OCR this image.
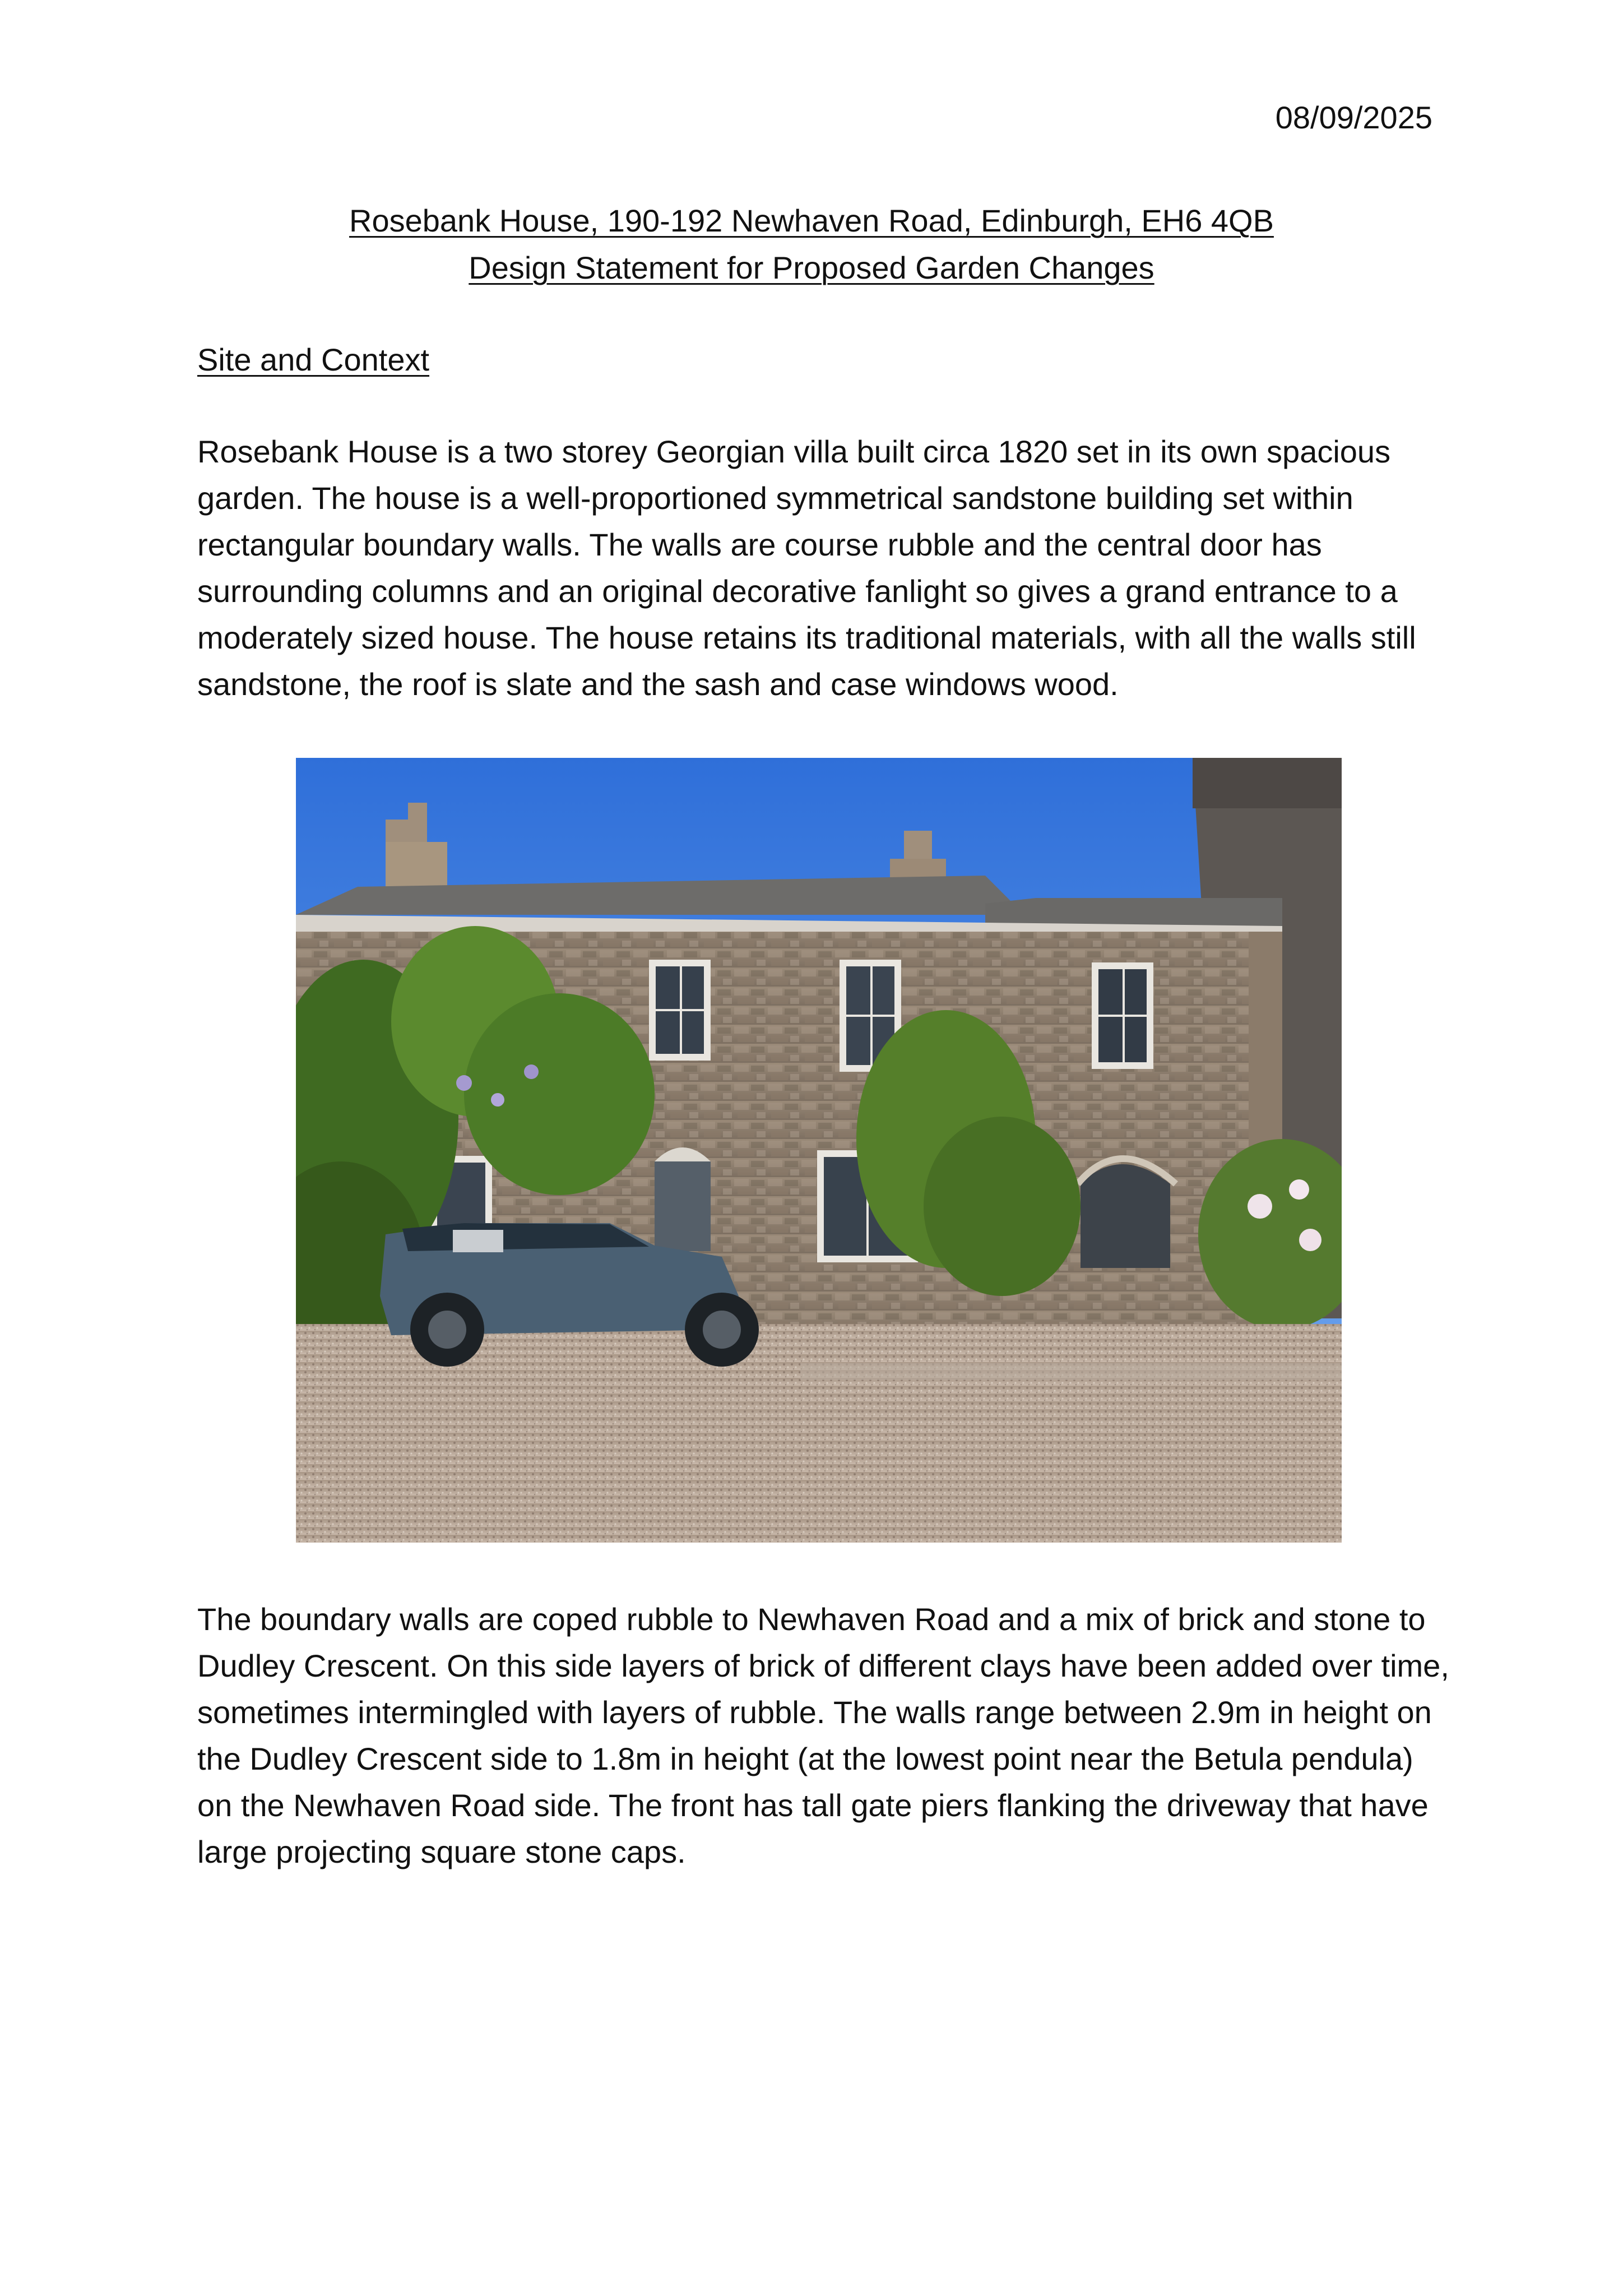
08/09/2025
Rosebank House, 190-192 Newhaven Road, Edinburgh, EH6 4QB
Design Statement for Proposed Garden Changes
Site and Context

Rosebank House is a two storey Georgian villa built circa 1820 set in its own spacious garden. The house is a well-proportioned symmetrical sandstone building set within rectangular boundary walls. The walls are course rubble and the central door has surrounding columns and an original decorative fanlight so gives a grand entrance to a moderately sized house. The house retains its traditional materials, with all the walls still sandstone, the roof is slate and the sash and case windows wood.

The boundary walls are coped rubble to Newhaven Road and a mix of brick and stone to Dudley Crescent. On this side layers of brick of different clays have been added over time, sometimes intermingled with layers of rubble. The walls range between 2.9m in height on the Dudley Crescent side to 1.8m in height (at the lowest point near the Betula pendula) on the Newhaven Road side. The front has tall gate piers flanking the driveway that have large projecting square stone caps.
